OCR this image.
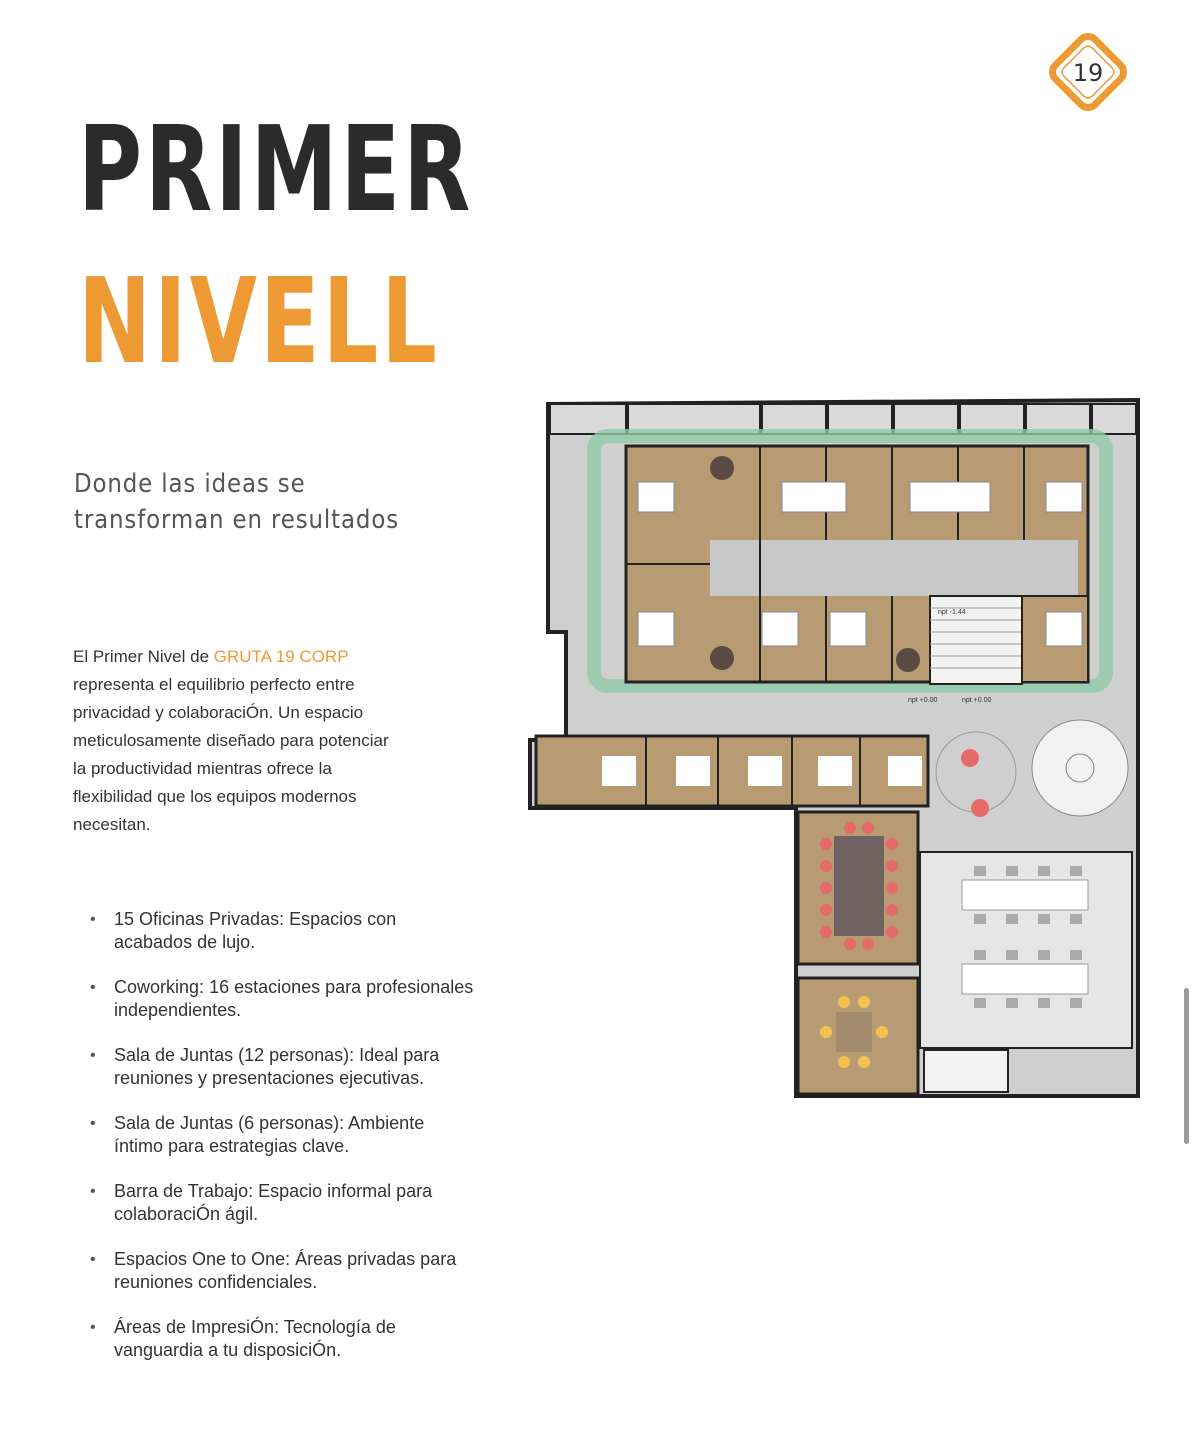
19
PRIMER
NIVELL
Donde las ideas se transforman en resultados

El Primer Nivel de GRUTA 19 CORP representa el equilibrio perfecto entre privacidad y colaboraciÓn. Un espacio meticulosamente diseñado para potenciar la productividad mientras ofrece la flexibilidad que los equipos modernos necesitan.

• 15 Oficinas Privadas: Espacios con acabados de lujo.
• Coworking: 16 estaciones para profesionales independientes.
• Sala de Juntas (12 personas): Ideal para reuniones y presentaciones ejecutivas.
• Sala de Juntas (6 personas): Ambiente íntimo para estrategias clave.
• Barra de Trabajo: Espacio informal para colaboraciÓn ágil.
• Espacios One to One: Áreas privadas para reuniones confidenciales.
• Áreas de ImpresiÓn: Tecnología de vanguardia a tu disposiciÓn.
npt -1.44
npt +0.00	npt +0.00
